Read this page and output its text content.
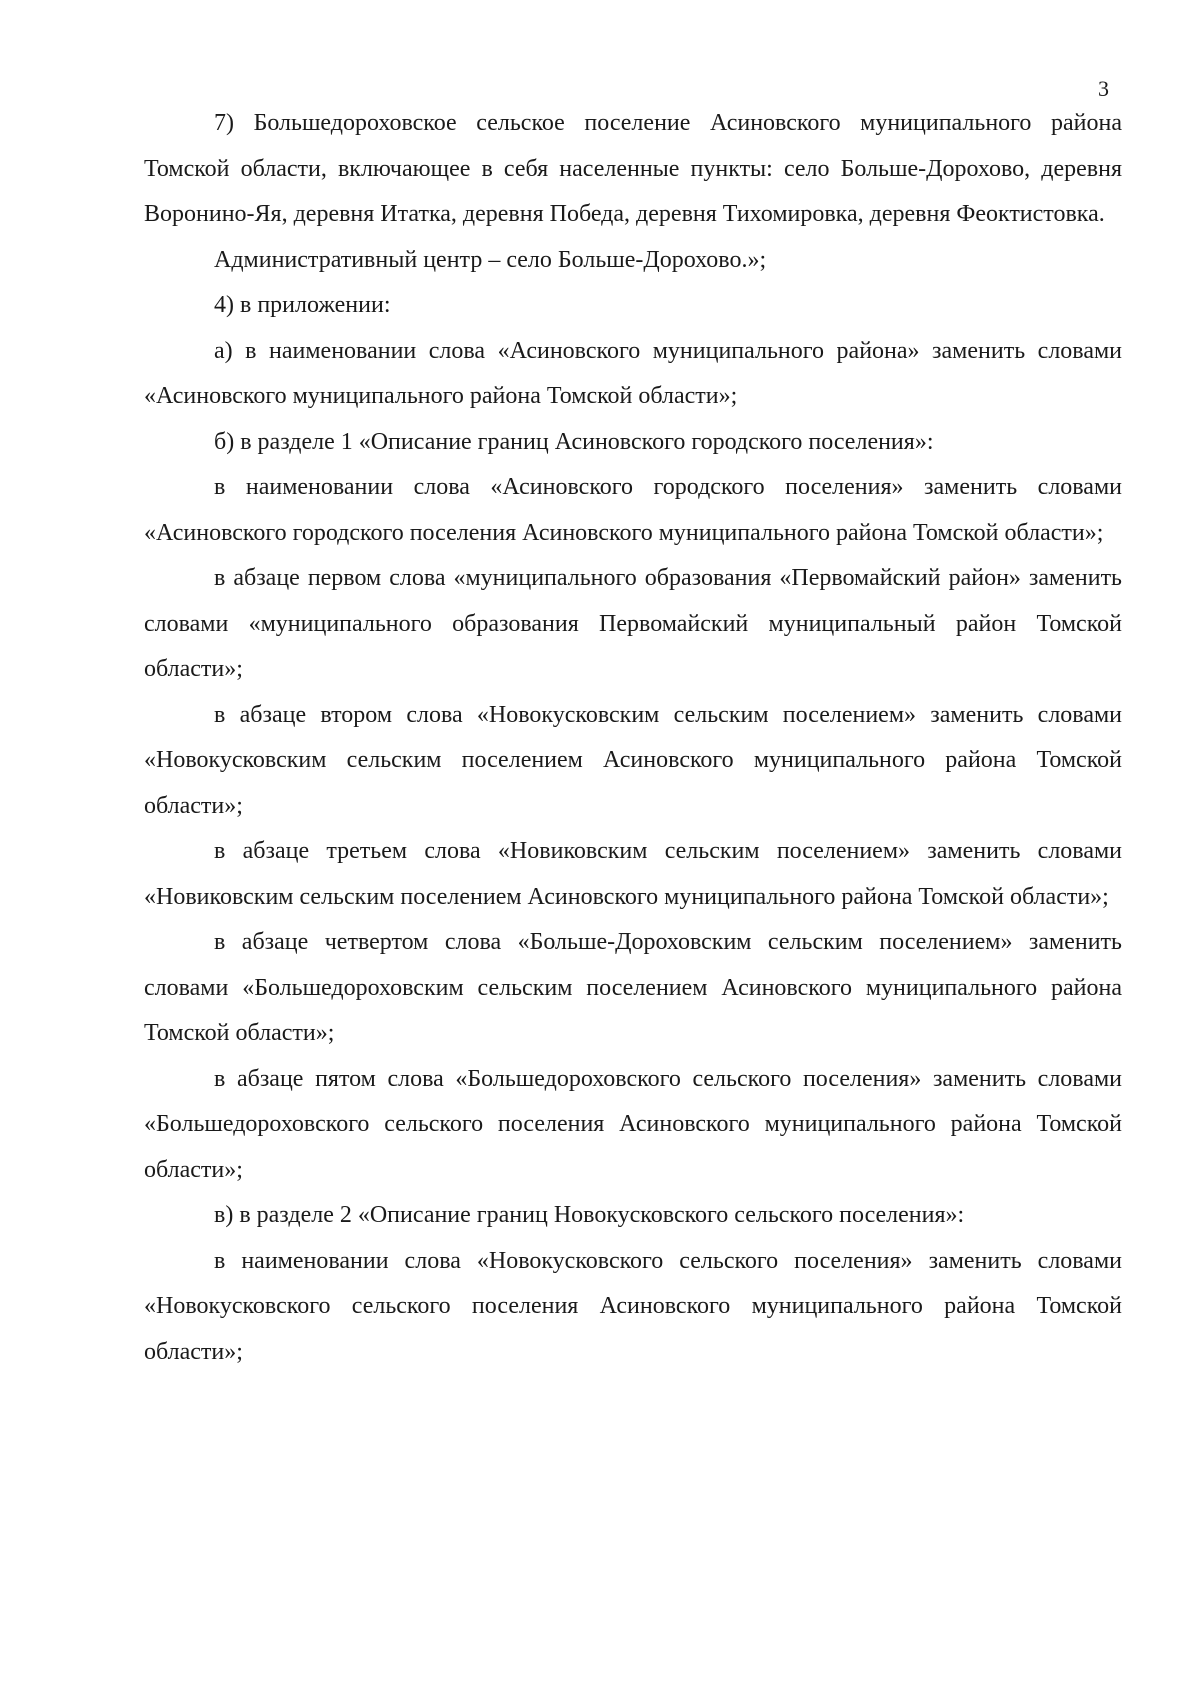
3

7) Большедороховское сельское поселение Асиновского муниципального района Томской области, включающее в себя населенные пункты: село Больше-Дорохово, деревня Воронино-Яя, деревня Итатка, деревня Победа, деревня Тихомировка, деревня Феоктистовка.

Административный центр – село Больше-Дорохово.»;

4) в приложении:

а) в наименовании слова «Асиновского муниципального района» заменить словами «Асиновского муниципального района Томской области»;

б) в разделе 1 «Описание границ Асиновского городского поселения»:

в наименовании слова «Асиновского городского поселения» заменить словами «Асиновского городского поселения Асиновского муниципального района Томской области»;

в абзаце первом слова «муниципального образования «Первомайский район» заменить словами «муниципального образования Первомайский муниципальный район Томской области»;

в абзаце втором слова «Новокусковским сельским поселением» заменить словами «Новокусковским сельским поселением Асиновского муниципального района Томской области»;

в абзаце третьем слова «Новиковским сельским поселением» заменить словами «Новиковским сельским поселением Асиновского муниципального района Томской области»;

в абзаце четвертом слова «Больше-Дороховским сельским поселением» заменить словами «Большедороховским сельским поселением Асиновского муниципального района Томской области»;

в абзаце пятом слова «Большедороховского сельского поселения» заменить словами «Большедороховского сельского поселения Асиновского муниципального района Томской области»;

в) в разделе 2 «Описание границ Новокусковского сельского поселения»:

в наименовании слова «Новокусковского сельского поселения» заменить словами «Новокусковского сельского поселения Асиновского муниципального района Томской области»;
